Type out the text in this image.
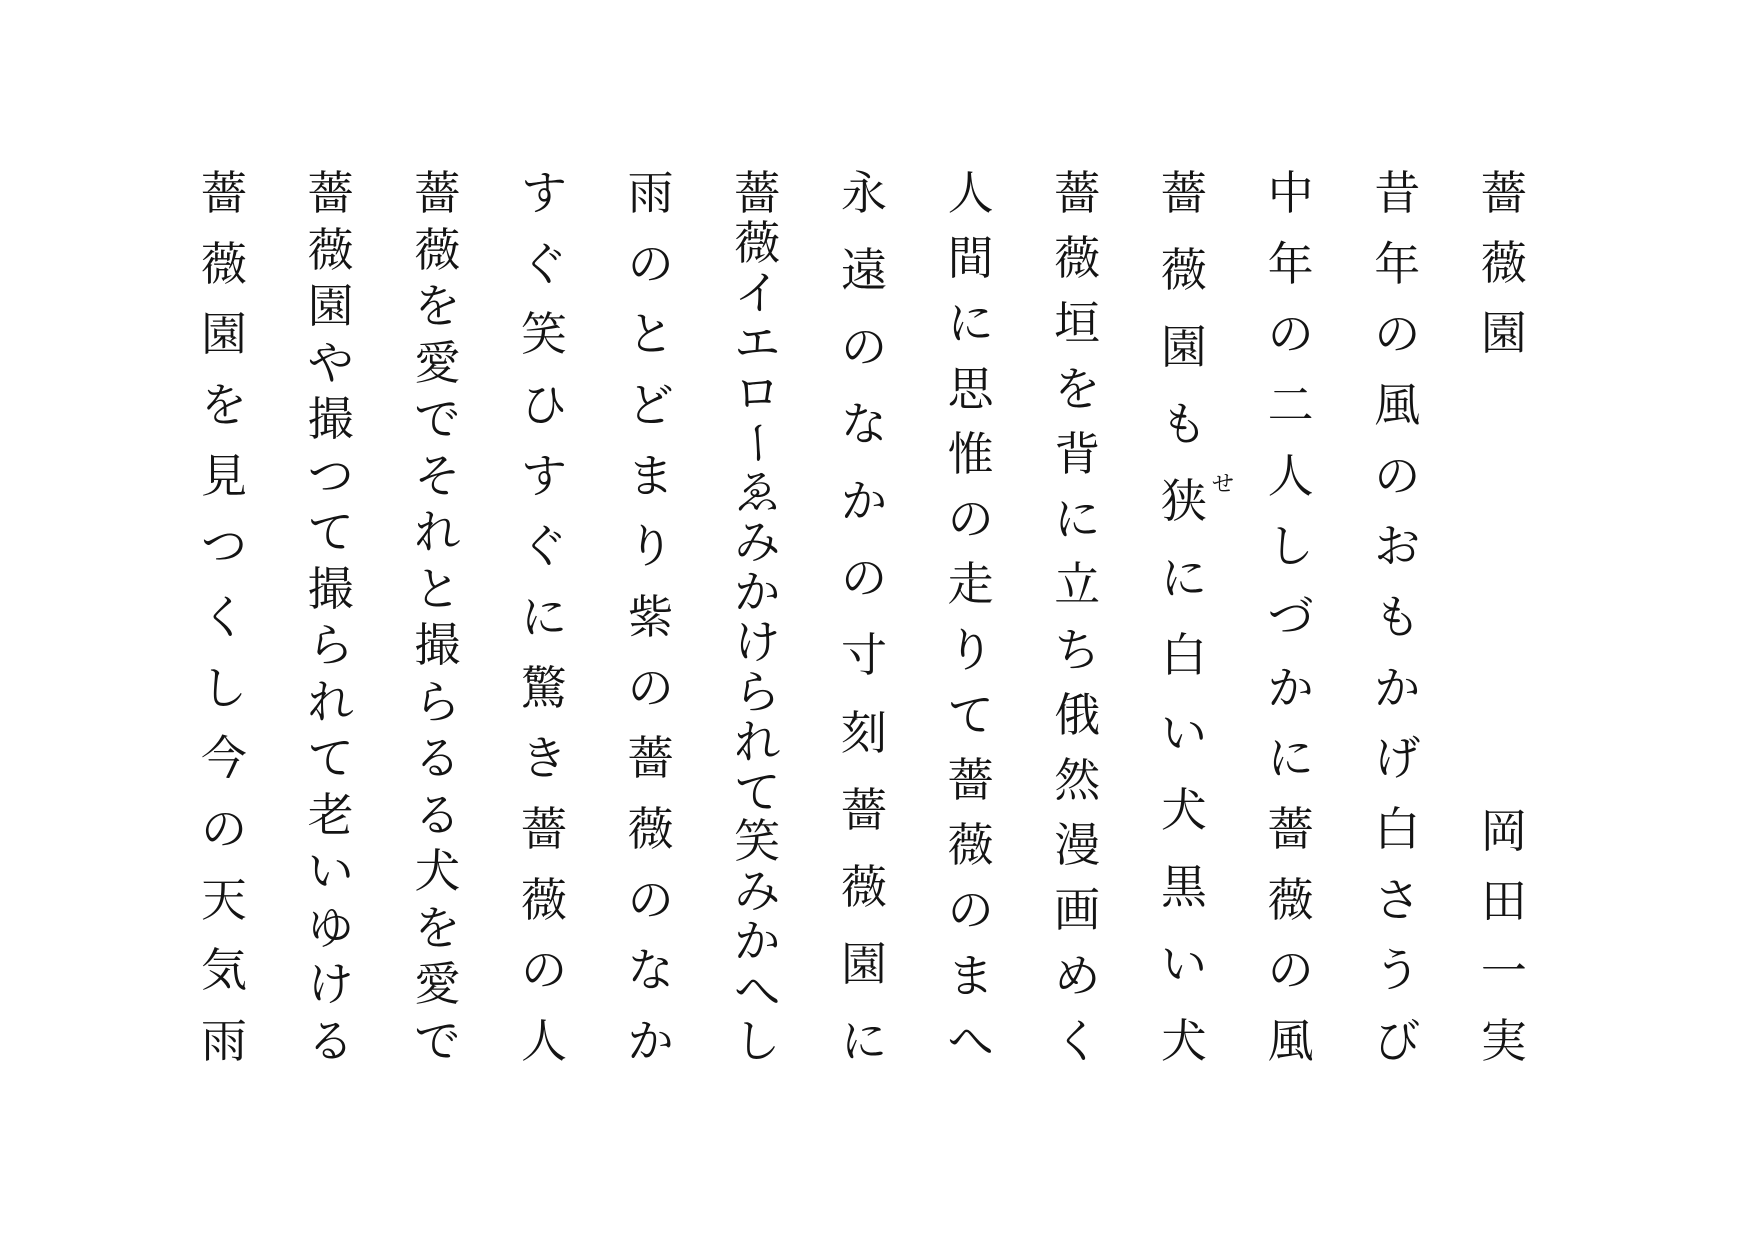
薔
薇
園
岡
田
一
実
昔
年
の
風
の
お
も
か
げ
白
さ
う
び
中
年
の
二
人
し
づ
か
に
薔
薇
の
風
薔
薇
園
も
狭 せ
に
白
い
犬
黒
い
犬
薔
薇
垣
を
背
に
立
ち
俄
然
漫
画
め
く
人
間
に
思
惟
の
走
り
て
薔
薇
の
ま
へ
永
遠
の
な
か
の
寸
刻
薔
薇
園
に
薔
薇
イ
エ
ロ
ー
ゑ
み
か
け
ら
れ
て
笑
み
か
へ
し
雨
の
と
ど
ま
り
紫
の
薔
薇
の
な
か
す
ぐ
笑
ひ
す
ぐ
に
驚
き
薔
薇
の
人
薔
薇
を
愛
で
そ
れ
と
撮
ら
る
る
犬
を
愛
で
薔
薇
園
や
撮
つ
て
撮
ら
れ
て
老
い
ゆ
け
る
薔
薇
園
を
見
つ
く
し
今
の
天
気
雨
